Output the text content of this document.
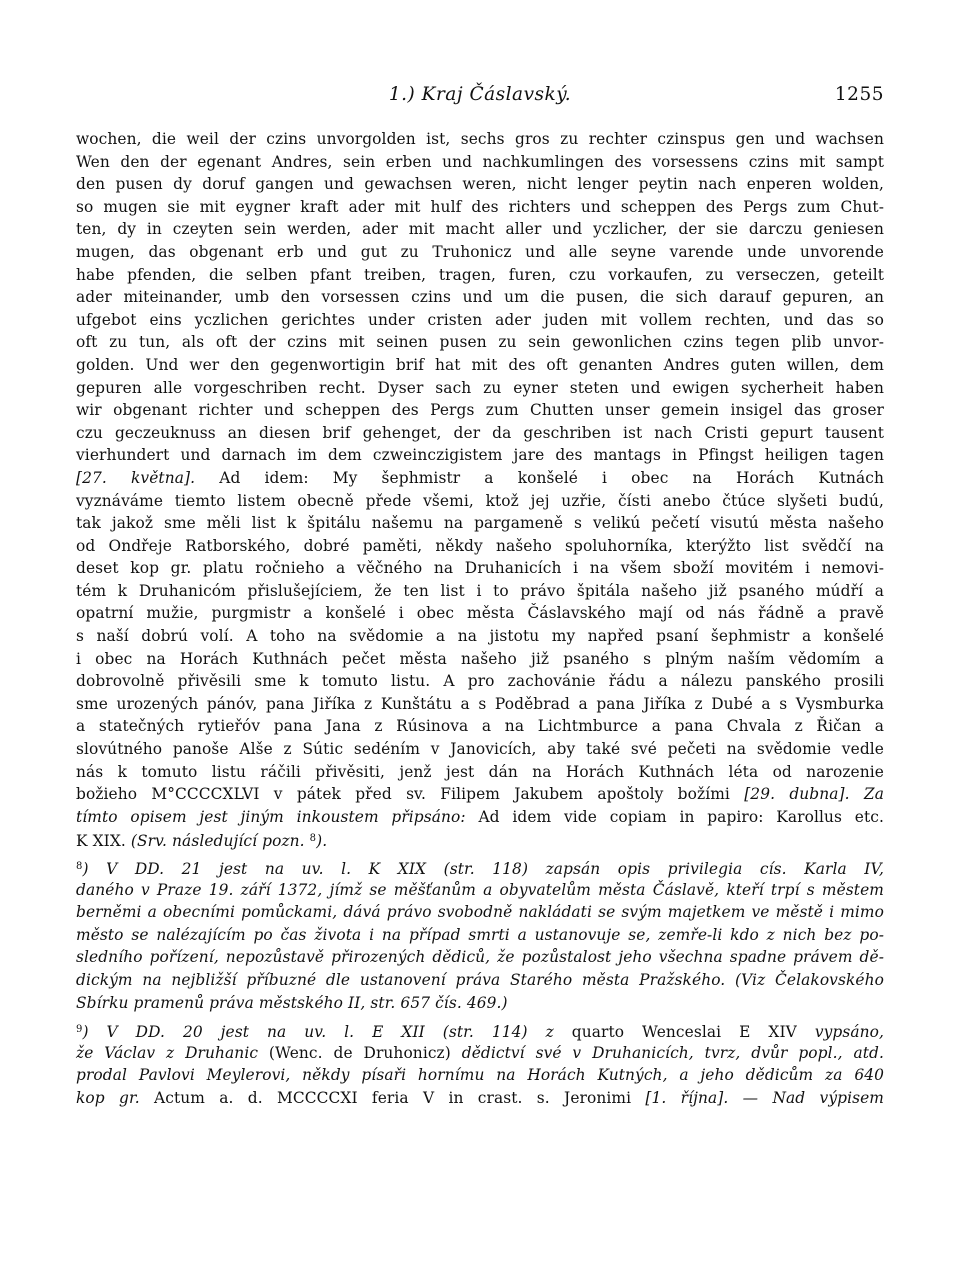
1.) Kraj Čáslavský.	1255
wochen, die weil der czins unvorgolden ist, sechs gros zu rechter czinspus gen und wachsen
Wen den der egenant Andres, sein erben und nachkumlingen des vorsessens czins mit sampt
den pusen dy doruf gangen und gewachsen weren, nicht lenger peytin nach enperen wolden,
so mugen sie mit eygner kraft ader mit hulf des richters und scheppen des Pergs zum Chut-
ten, dy in czeyten sein werden, ader mit macht aller und yczlicher, der sie darczu geniesen
mugen, das obgenant erb und gut zu Truhonicz und alle seyne varende unde unvorende
habe pfenden, die selben pfant treiben, tragen, furen, czu vorkaufen, zu verseczen, geteilt
ader miteinander, umb den vorsessen czins und um die pusen, die sich darauf gepuren, an
ufgebot eins yczlichen gerichtes under cristen ader juden mit vollem rechten, und das so
oft zu tun, als oft der czins mit seinen pusen zu sein gewonlichen czins tegen plib unvor-
golden. Und wer den gegenwortigin brif hat mit des oft genanten Andres guten willen, dem
gepuren alle vorgeschriben recht. Dyser sach zu eyner steten und ewigen sycherheit haben
wir obgenant richter und scheppen des Pergs zum Chutten unser gemein insigel das groser
czu geczeuknuss an diesen brif gehenget, der da geschriben ist nach Cristi gepurt tausent
vierhundert und darnach im dem czweinczigistem jare des mantags in Pfingst heiligen tagen
[27. května]. Ad idem: My šephmistr a konšelé i obec na Horách Kutnách
vyznáváme tiemto listem obecně přede všemi, ktož jej uzřie, čísti anebo čtúce slyšeti budú,
tak jakož sme měli list k špitálu našemu na pargameně s velikú pečetí visutú města našeho
od Ondřeje Ratborského, dobré paměti, někdy našeho spoluhorníka, kterýžto list svědčí na
deset kop gr. platu ročnieho a věčného na Druhanicích i na všem sboží movitém i nemovi-
tém k Druhanicóm přislušejíciem, že ten list i to právo špitála našeho již psaného múdří a
opatrní mužie, purgmistr a konšelé i obec města Čáslavského mají od nás řádně a pravě
s naší dobrú volí. A toho na svědomie a na jistotu my napřed psaní šephmistr a konšelé
i obec na Horách Kuthnách pečet města našeho již psaného s plným naším vědomím a
dobrovolně přivěsili sme k tomuto listu. A pro zachovánie řádu a nálezu panského prosili
sme urozených pánóv, pana Jiříka z Kunštátu a s Poděbrad a pana Jiříka z Dubé a s Vysmburka
a statečných rytieřóv pana Jana z Rúsinova a na Lichtmburce a pana Chvala z Řičan a
slovútného panoše Alše z Sútic sedéním v Janovicích, aby také své pečeti na svědomie vedle
nás k tomuto listu ráčili přivěsiti, jenž jest dán na Horách Kuthnách léta od narozenie
božieho M°CCCCXLVI v pátek před sv. Filipem Jakubem apoštoly božími [29. dubna]. Za
tímto opisem jest jiným inkoustem připsáno: Ad idem vide copiam in papiro: Karollus etc.
K XIX. (Srv. následující pozn. $^8$).
$^8$) V DD. 21 jest na uv. l. K XIX (str. 118) zapsán opis privilegia cís. Karla IV,
daného v Praze 19. září 1372, jímž se měšťanům a obyvatelům města Čáslavě, kteří trpí s městem
berněmi a obecními pomůckami, dává právo svobodně nakládati se svým majetkem ve městě i mimo
město se nalézajícím po čas života i na případ smrti a ustanovuje se, zemře-li kdo z nich bez po-
sledního pořízení, nepozůstavě přirozených dědiců, že pozůstalost jeho všechna spadne právem dě-
dickým na nejbližší příbuzné dle ustanovení práva Starého města Pražského. (Viz Čelakovského
Sbírku pramenů práva městského II, str. 657 čís. 469.)
$^9$) V DD. 20 jest na uv. l. E XII (str. 114) z quarto Wenceslai E XIV vypsáno,
že Václav z Druhanic (Wenc. de Druhonicz) dědictví své v Druhanicích, tvrz, dvůr popl., atd.
prodal Pavlovi Meylerovi, někdy písaři hornímu na Horách Kutných, a jeho dědicům za 640
kop gr. Actum a. d. MCCCCXI feria V in crast. s. Jeronimi [1. října]. — Nad výpisem
